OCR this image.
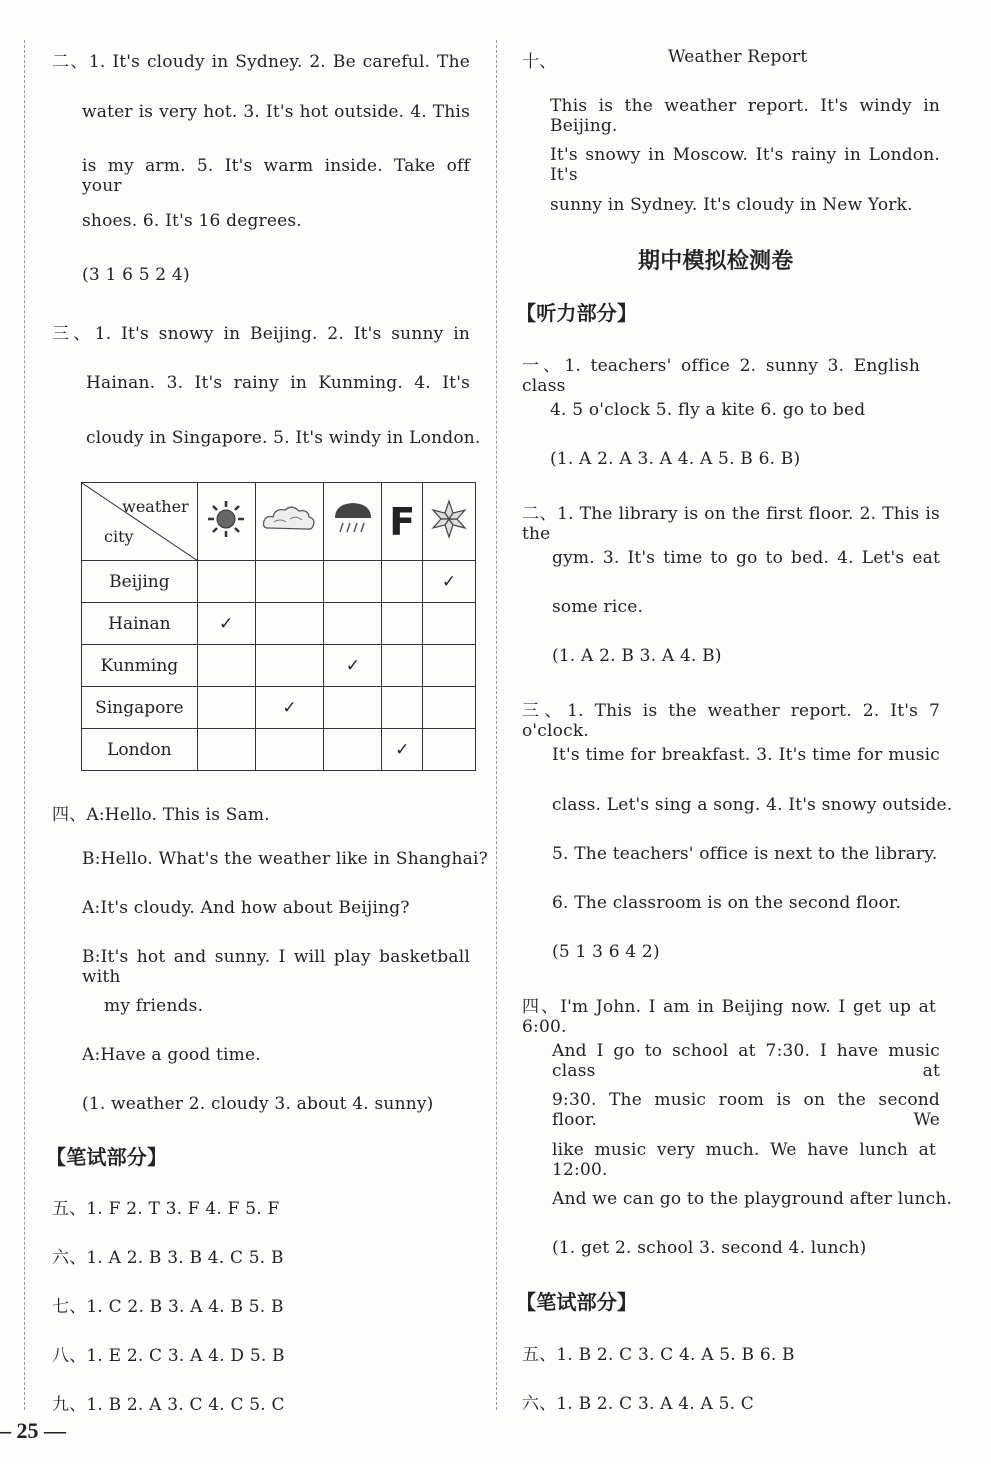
二、1. It's cloudy in Sydney. 2. Be careful. The
water is very hot. 3. It's hot outside. 4. This
is my arm. 5. It's warm inside. Take off your
shoes. 6. It's 16 degrees.
(3 1 6 5 2 4)
三、1. It's snowy in Beijing. 2. It's sunny in
Hainan. 3. It's rainy in Kunming. 4. It's
cloudy in Singapore. 5. It's windy in London.
weather
city				F	
Beijing					✓
Hainan	✓				
Kunming			✓		
Singapore		✓			
London				✓	
四、A:Hello. This is Sam.
B:Hello. What's the weather like in Shanghai?
A:It's cloudy. And how about Beijing?
B:It's hot and sunny. I will play basketball with
my friends.
A:Have a good time.
(1. weather 2. cloudy 3. about 4. sunny)
【笔试部分】
五、1. F 2. T 3. F 4. F 5. F
六、1. A 2. B 3. B 4. C 5. B
七、1. C 2. B 3. A 4. B 5. B
八、1. E 2. C 3. A 4. D 5. B
九、1. B 2. A 3. C 4. C 5. C
十、	Weather Report
This is the weather report. It's windy in Beijing.
It's snowy in Moscow. It's rainy in London. It's
sunny in Sydney. It's cloudy in New York.
期中模拟检测卷
【听力部分】
一、1. teachers' office 2. sunny 3. English class
4. 5 o'clock 5. fly a kite 6. go to bed
(1. A 2. A 3. A 4. A 5. B 6. B)
二、1. The library is on the first floor. 2. This is the
gym. 3. It's time to go to bed. 4. Let's eat
some rice.
(1. A 2. B 3. A 4. B)
三、1. This is the weather report. 2. It's 7 o'clock.
It's time for breakfast. 3. It's time for music
class. Let's sing a song. 4. It's snowy outside.
5. The teachers' office is next to the library.
6. The classroom is on the second floor.
(5 1 3 6 4 2)
四、I'm John. I am in Beijing now. I get up at 6:00.
And I go to school at 7:30. I have music class at
9:30. The music room is on the second floor. We
like music very much. We have lunch at 12:00.
And we can go to the playground after lunch.
(1. get 2. school 3. second 4. lunch)
【笔试部分】
五、1. B 2. C 3. C 4. A 5. B 6. B
六、1. B 2. C 3. A 4. A 5. C
– 25 —
